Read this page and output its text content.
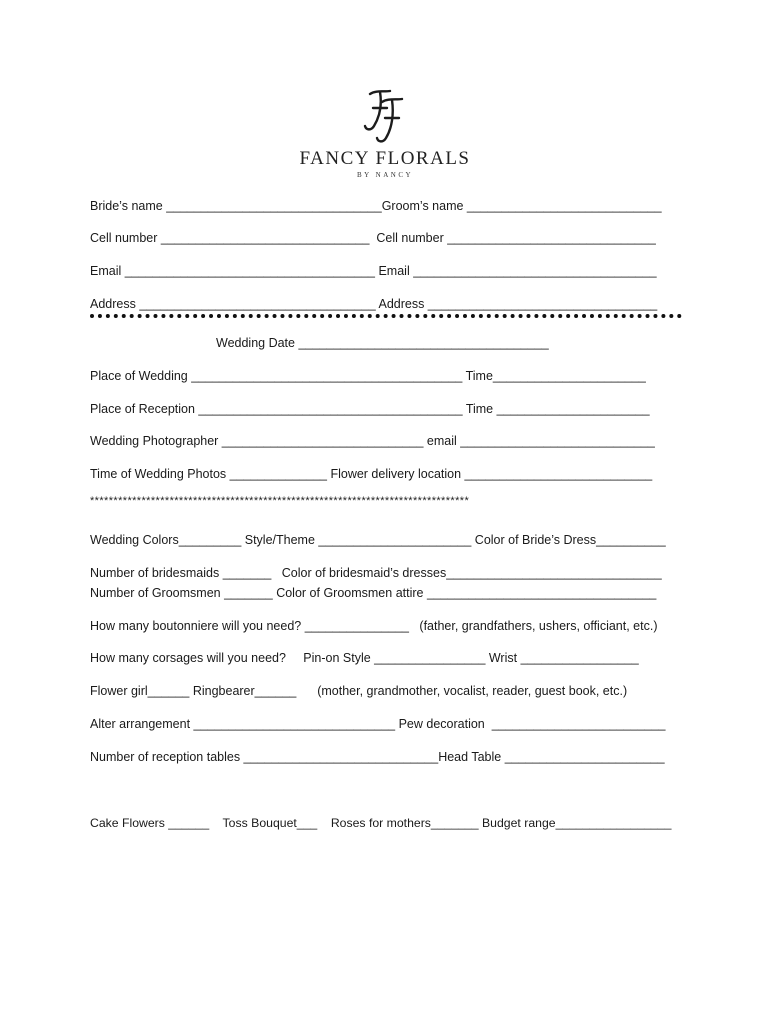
FANCY FLORALS
BY NANCY
Bride’s name _______________________________Groom’s name ____________________________
Cell number ______________________________  Cell number ______________________________
Email ____________________________________ Email ___________________________________
Address __________________________________ Address _________________________________
Wedding Date ____________________________________
Place of Wedding _______________________________________ Time______________________
Place of Reception ______________________________________ Time ______________________
Wedding Photographer _____________________________ email ____________________________
Time of Wedding Photos ______________ Flower delivery location ___________________________
*********************************************************************************
Wedding Colors_________ Style/Theme ______________________ Color of Bride’s Dress__________
Number of bridesmaids _______   Color of bridesmaid’s dresses_______________________________
Number of Groomsmen _______ Color of Groomsmen attire _________________________________
How many boutonniere will you need? _______________   (father, grandfathers, ushers, officiant, etc.)
How many corsages will you need?     Pin-on Style ________________ Wrist _________________
Flower girl______ Ringbearer______      (mother, grandmother, vocalist, reader, guest book, etc.)
Alter arrangement _____________________________ Pew decoration  _________________________
Number of reception tables ____________________________Head Table _______________________
Cake Flowers ______    Toss Bouquet___    Roses for mothers_______ Budget range_________________
